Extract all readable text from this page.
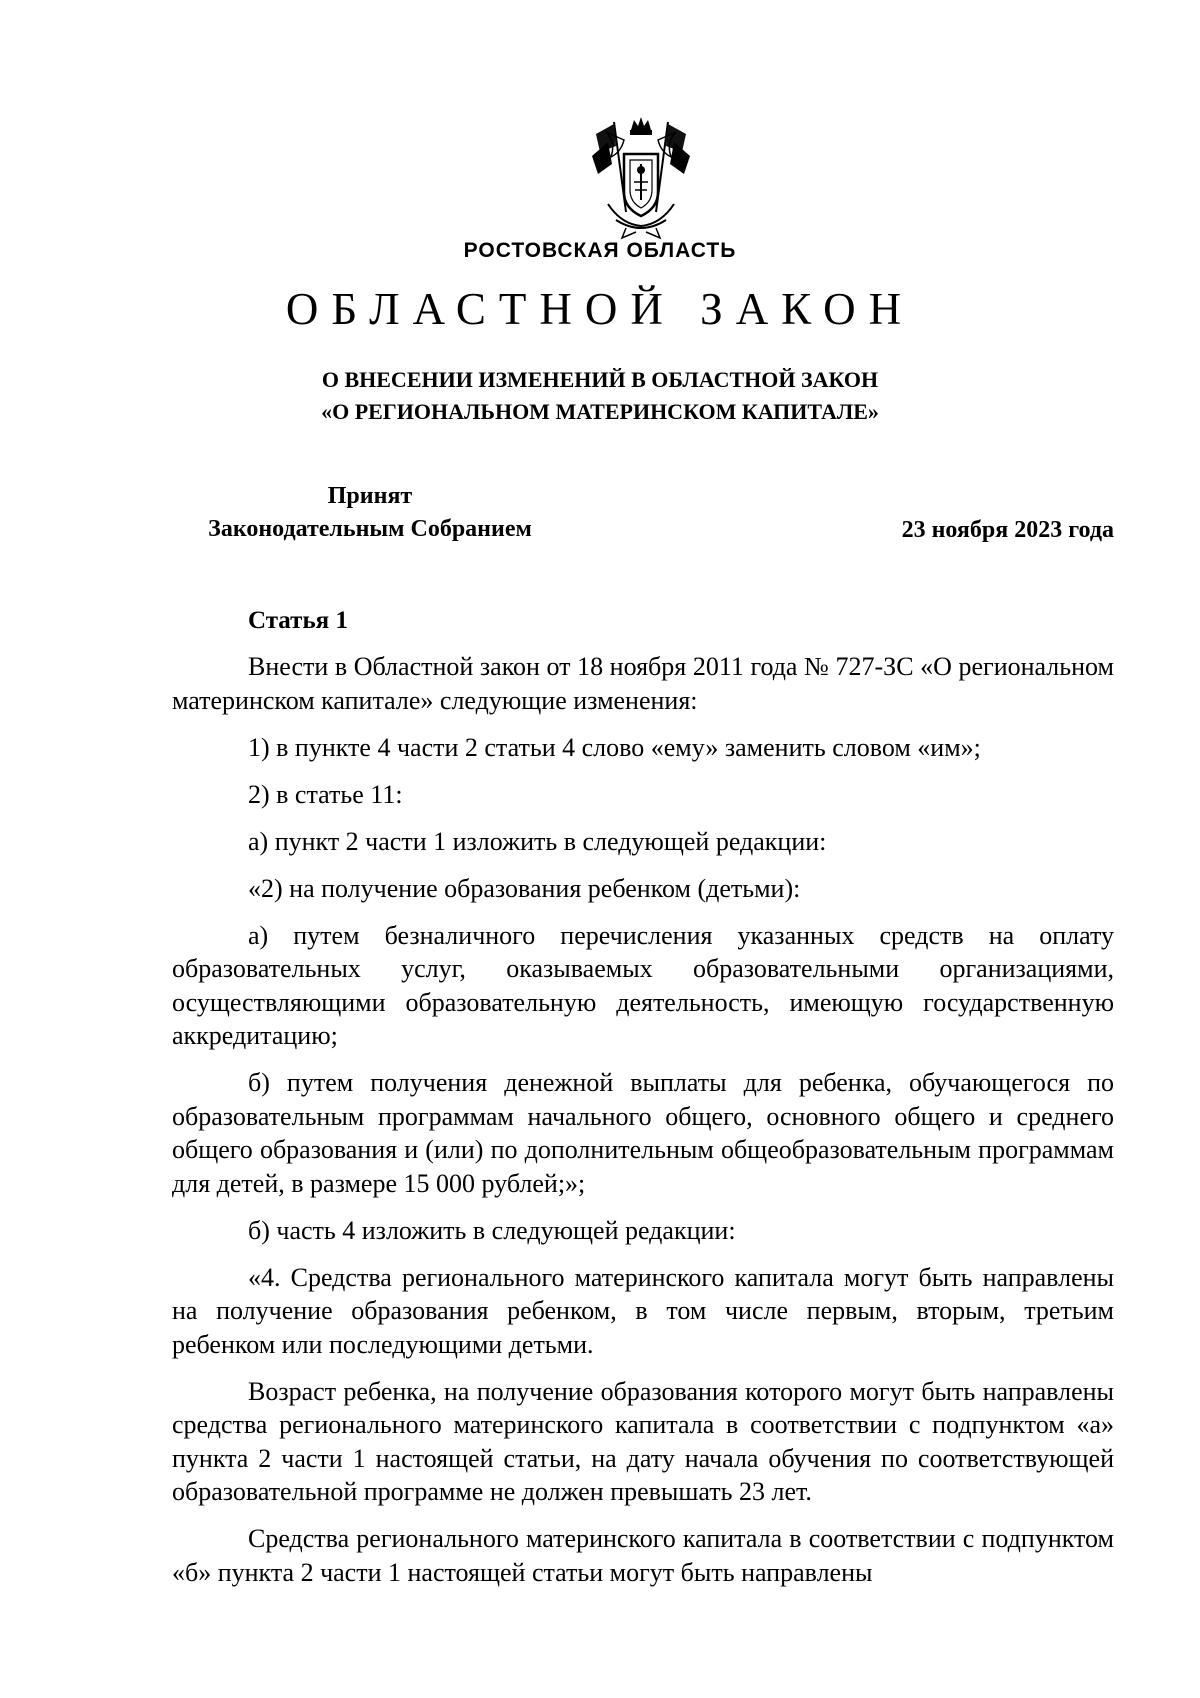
РОСТОВСКАЯ ОБЛАСТЬ
ОБЛАСТНОЙ ЗАКОН
О ВНЕСЕНИИ ИЗМЕНЕНИЙ В ОБЛАСТНОЙ ЗАКОН
«О РЕГИОНАЛЬНОМ МАТЕРИНСКОМ КАПИТАЛЕ»
Принят
Законодательным Собранием	23 ноября 2023 года
Статья 1

Внести в Областной закон от 18 ноября 2011 года № 727-ЗС «О региональном материнском капитале» следующие изменения:

1) в пункте 4 части 2 статьи 4 слово «ему» заменить словом «им»;

2) в статье 11:

а) пункт 2 части 1 изложить в следующей редакции:

«2) на получение образования ребенком (детьми):

а) путем безналичного перечисления указанных средств на оплату образовательных услуг, оказываемых образовательными организациями, осуществляющими образовательную деятельность, имеющую государственную аккредитацию;

б) путем получения денежной выплаты для ребенка, обучающегося по образовательным программам начального общего, основного общего и среднего общего образования и (или) по дополнительным общеобразовательным программам для детей, в размере 15 000 рублей;»;

б) часть 4 изложить в следующей редакции:

«4. Средства регионального материнского капитала могут быть направлены на получение образования ребенком, в том числе первым, вторым, третьим ребенком или последующими детьми.

Возраст ребенка, на получение образования которого могут быть направлены средства регионального материнского капитала в соответствии с подпунктом «а» пункта 2 части 1 настоящей статьи, на дату начала обучения по соответствующей образовательной программе не должен превышать 23 лет.

Средства регионального материнского капитала в соответствии с подпунктом «б» пункта 2 части 1 настоящей статьи могут быть направлены
